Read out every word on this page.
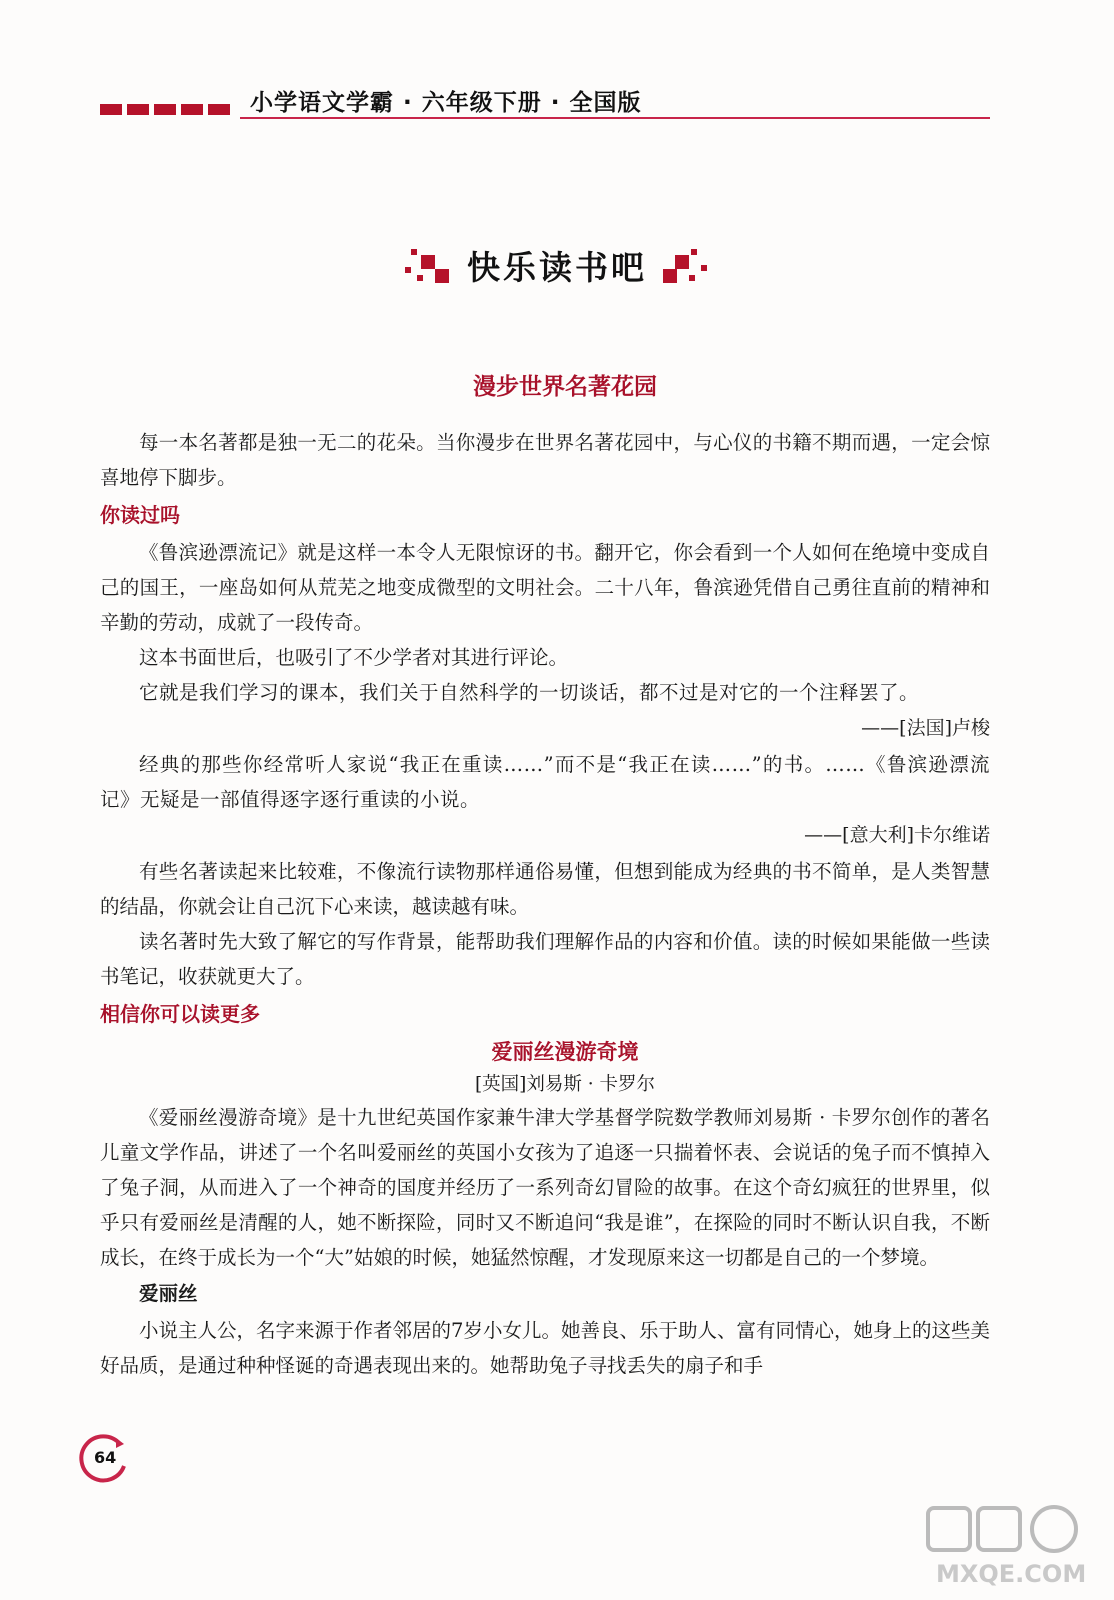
小学语文学霸 · 六年级下册 · 全国版
快乐读书吧
漫步世界名著花园

每一本名著都是独一无二的花朵。当你漫步在世界名著花园中，与心仪的书籍不期而遇，一定会惊喜地停下脚步。

你读过吗

《鲁滨逊漂流记》就是这样一本令人无限惊讶的书。翻开它，你会看到一个人如何在绝境中变成自己的国王，一座岛如何从荒芜之地变成微型的文明社会。二十八年，鲁滨逊凭借自己勇往直前的精神和辛勤的劳动，成就了一段传奇。

这本书面世后，也吸引了不少学者对其进行评论。

它就是我们学习的课本，我们关于自然科学的一切谈话，都不过是对它的一个注释罢了。

——[法国]卢梭

经典的那些你经常听人家说“我正在重读……”而不是“我正在读……”的书。……《鲁滨逊漂流记》无疑是一部值得逐字逐行重读的小说。

——[意大利]卡尔维诺

有些名著读起来比较难，不像流行读物那样通俗易懂，但想到能成为经典的书不简单，是人类智慧的结晶，你就会让自己沉下心来读，越读越有味。

读名著时先大致了解它的写作背景，能帮助我们理解作品的内容和价值。读的时候如果能做一些读书笔记，收获就更大了。

相信你可以读更多
爱丽丝漫游奇境
[英国]刘易斯 · 卡罗尔

《爱丽丝漫游奇境》是十九世纪英国作家兼牛津大学基督学院数学教师刘易斯 · 卡罗尔创作的著名儿童文学作品，讲述了一个名叫爱丽丝的英国小女孩为了追逐一只揣着怀表、会说话的兔子而不慎掉入了兔子洞，从而进入了一个神奇的国度并经历了一系列奇幻冒险的故事。在这个奇幻疯狂的世界里，似乎只有爱丽丝是清醒的人，她不断探险，同时又不断追问“我是谁”，在探险的同时不断认识自我，不断成长，在终于成长为一个“大”姑娘的时候，她猛然惊醒，才发现原来这一切都是自己的一个梦境。

爱丽丝

小说主人公，名字来源于作者邻居的7岁小女儿。她善良、乐于助人、富有同情心，她身上的这些美好品质，是通过种种怪诞的奇遇表现出来的。她帮助兔子寻找丢失的扇子和手

64
MXQE.COM
